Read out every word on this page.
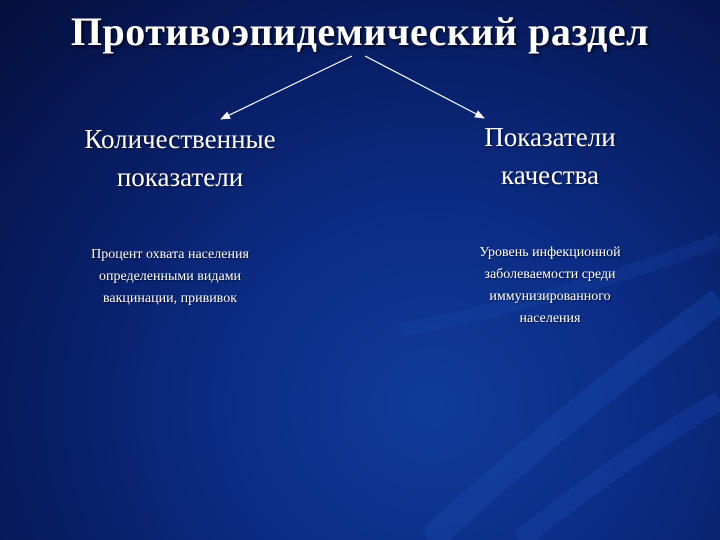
Противоэпидемический раздел
Количественные
показатели
Показатели
качества
Процент охвата населения
определенными видами
вакцинации, прививок
Уровень инфекционной
заболеваемости среди
иммунизированного
населения
